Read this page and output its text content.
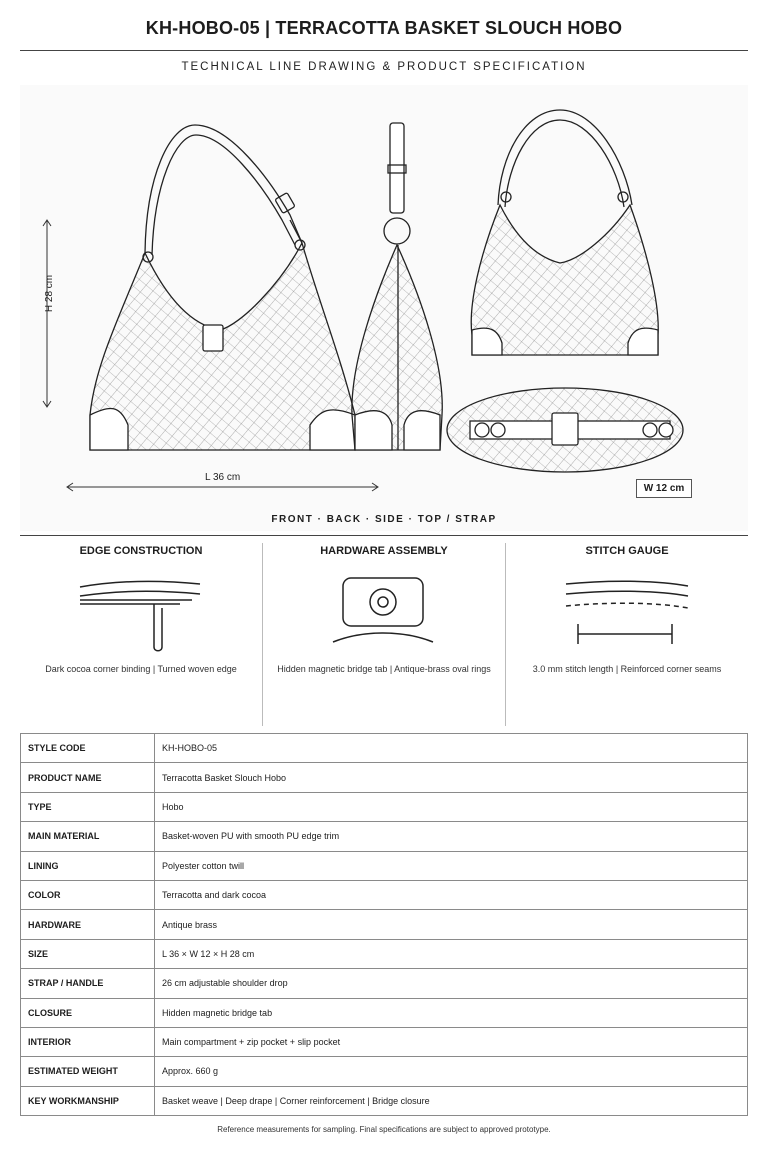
KH-HOBO-05 | TERRACOTTA BASKET SLOUCH HOBO
TECHNICAL LINE DRAWING & PRODUCT SPECIFICATION
H 28 cm
L 36 cm
W 12 cm
FRONT · BACK · SIDE · TOP / STRAP
EDGE CONSTRUCTION
Dark cocoa corner binding | Turned woven edge
HARDWARE ASSEMBLY
Hidden magnetic bridge tab | Antique-brass oval rings
STITCH GAUGE
3.0 mm stitch length | Reinforced corner seams
STYLE CODE	KH-HOBO-05
PRODUCT NAME	Terracotta Basket Slouch Hobo
TYPE	Hobo
MAIN MATERIAL	Basket-woven PU with smooth PU edge trim
LINING	Polyester cotton twill
COLOR	Terracotta and dark cocoa
HARDWARE	Antique brass
SIZE	L 36 × W 12 × H 28 cm
STRAP / HANDLE	26 cm adjustable shoulder drop
CLOSURE	Hidden magnetic bridge tab
INTERIOR	Main compartment + zip pocket + slip pocket
ESTIMATED WEIGHT	Approx. 660 g
KEY WORKMANSHIP	Basket weave | Deep drape | Corner reinforcement | Bridge closure
Reference measurements for sampling. Final specifications are subject to approved prototype.
